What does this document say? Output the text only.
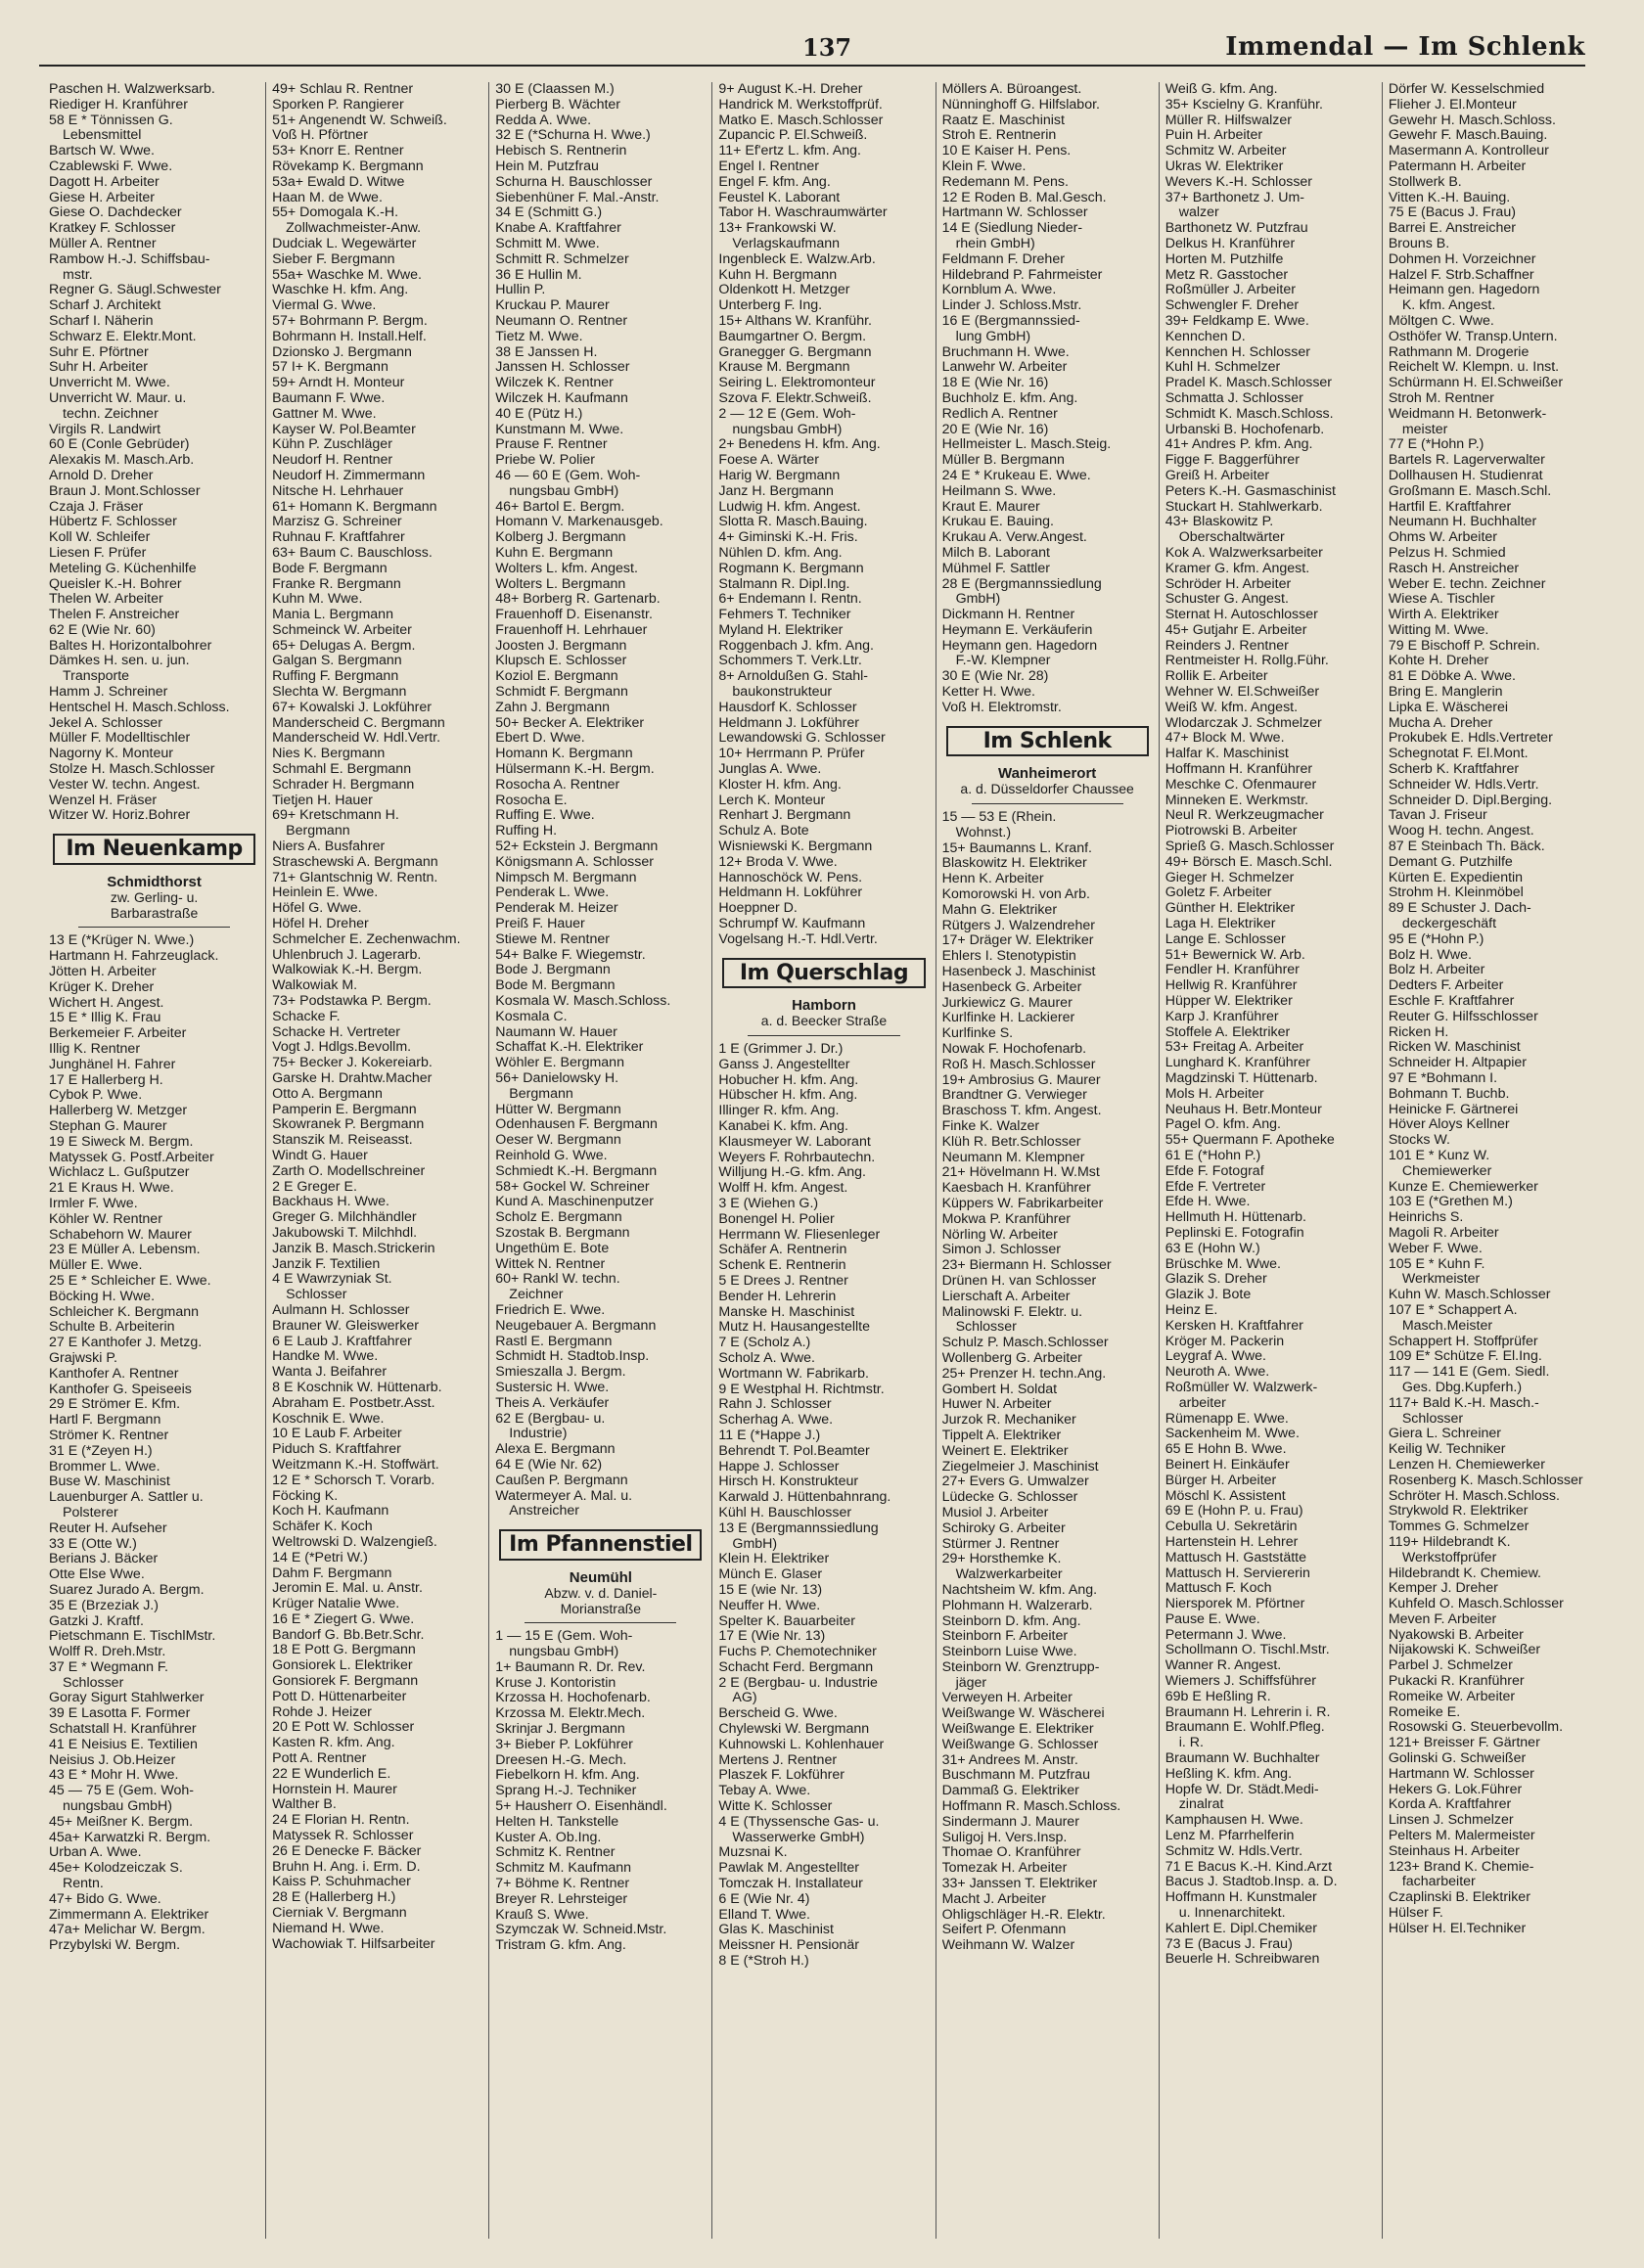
137	Immendal — Im Schlenk
Paschen H. Walzwerksarb.
Riediger H. Kranführer
58 E * Tönnissen G.
Lebensmittel
Bartsch W. Wwe.
Czablewski F. Wwe.
Dagott H. Arbeiter
Giese H. Arbeiter
Giese O. Dachdecker
Kratkey F. Schlosser
Müller A. Rentner
Rambow H.-J. Schiffsbau-
mstr.
Regner G. Säugl.Schwester
Scharf J. Architekt
Scharf I. Näherin
Schwarz E. Elektr.Mont.
Suhr E. Pförtner
Suhr H. Arbeiter
Unverricht M. Wwe.
Unverricht W. Maur. u.
techn. Zeichner
Virgils R. Landwirt
60 E (Conle Gebrüder)
Alexakis M. Masch.Arb.
Arnold D. Dreher
Braun J. Mont.Schlosser
Czaja J. Fräser
Hübertz F. Schlosser
Koll W. Schleifer
Liesen F. Prüfer
Meteling G. Küchenhilfe
Queisler K.-H. Bohrer
Thelen W. Arbeiter
Thelen F. Anstreicher
62 E (Wie Nr. 60)
Baltes H. Horizontalbohrer
Dämkes H. sen. u. jun.
Transporte
Hamm J. Schreiner
Hentschel H. Masch.Schloss.
Jekel A. Schlosser
Müller F. Modelltischler
Nagorny K. Monteur
Stolze H. Masch.Schlosser
Vester W. techn. Angest.
Wenzel H. Fräser
Witzer W. Horiz.Bohrer
Im Neuenkamp
Schmidthorst
zw. Gerling- u.
Barbarastraße
13 E (*Krüger N. Wwe.)
Hartmann H. Fahrzeuglack.
Jötten H. Arbeiter
Krüger K. Dreher
Wichert H. Angest.
15 E * Illig K. Frau
Berkemeier F. Arbeiter
Illig K. Rentner
Junghänel H. Fahrer
17 E Hallerberg H.
Cybok P. Wwe.
Hallerberg W. Metzger
Stephan G. Maurer
19 E Siweck M. Bergm.
Matyssek G. Postf.Arbeiter
Wichlacz L. Gußputzer
21 E Kraus H. Wwe.
Irmler F. Wwe.
Köhler W. Rentner
Schabehorn W. Maurer
23 E Müller A. Lebensm.
Müller E. Wwe.
25 E * Schleicher E. Wwe.
Böcking H. Wwe.
Schleicher K. Bergmann
Schulte B. Arbeiterin
27 E Kanthofer J. Metzg.
Grajwski P.
Kanthofer A. Rentner
Kanthofer G. Speiseeis
29 E Strömer E. Kfm.
Hartl F. Bergmann
Strömer K. Rentner
31 E (*Zeyen H.)
Brommer L. Wwe.
Buse W. Maschinist
Lauenburger A. Sattler u.
Polsterer
Reuter H. Aufseher
33 E (Otte W.)
Berians J. Bäcker
Otte Else Wwe.
Suarez Jurado A. Bergm.
35 E (Brzeziak J.)
Gatzki J. Kraftf.
Pietschmann E. TischlMstr.
Wolff R. Dreh.Mstr.
37 E * Wegmann F.
Schlosser
Goray Sigurt Stahlwerker
39 E Lasotta F. Former
Schatstall H. Kranführer
41 E Neisius E. Textilien
Neisius J. Ob.Heizer
43 E * Mohr H. Wwe.
45 — 75 E (Gem. Woh-
nungsbau GmbH)
45+ Meißner K. Bergm.
45a+ Karwatzki R. Bergm.
Urban A. Wwe.
45e+ Kolodzeiczak S.
Rentn.
47+ Bido G. Wwe.
Zimmermann A. Elektriker
47a+ Melichar W. Bergm.
Przybylski W. Bergm.
49+ Schlau R. Rentner
Sporken P. Rangierer
51+ Angenendt W. Schweiß.
Voß H. Pförtner
53+ Knorr E. Rentner
Rövekamp K. Bergmann
53a+ Ewald D. Witwe
Haan M. de Wwe.
55+ Domogala K.-H.
Zollwachmeister-Anw.
Dudciak L. Wegewärter
Sieber F. Bergmann
55a+ Waschke M. Wwe.
Waschke H. kfm. Ang.
Viermal G. Wwe.
57+ Bohrmann P. Bergm.
Bohrmann H. Install.Helf.
Dzionsko J. Bergmann
57 I+ K. Bergmann
59+ Arndt H. Monteur
Baumann F. Wwe.
Gattner M. Wwe.
Kayser W. Pol.Beamter
Kühn P. Zuschläger
Neudorf H. Rentner
Neudorf H. Zimmermann
Nitsche H. Lehrhauer
61+ Homann K. Bergmann
Marzisz G. Schreiner
Ruhnau F. Kraftfahrer
63+ Baum C. Bauschloss.
Bode F. Bergmann
Franke R. Bergmann
Kuhn M. Wwe.
Mania L. Bergmann
Schmeinck W. Arbeiter
65+ Delugas A. Bergm.
Galgan S. Bergmann
Ruffing F. Bergmann
Slechta W. Bergmann
67+ Kowalski J. Lokführer
Manderscheid C. Bergmann
Manderscheid W. Hdl.Vertr.
Nies K. Bergmann
Schmahl E. Bergmann
Schrader H. Bergmann
Tietjen H. Hauer
69+ Kretschmann H.
Bergmann
Niers A. Busfahrer
Straschewski A. Bergmann
71+ Glantschnig W. Rentn.
Heinlein E. Wwe.
Höfel G. Wwe.
Höfel H. Dreher
Schmelcher E. Zechenwachm.
Uhlenbruch J. Lagerarb.
Walkowiak K.-H. Bergm.
Walkowiak M.
73+ Podstawka P. Bergm.
Schacke F.
Schacke H. Vertreter
Vogt J. Hdlgs.Bevollm.
75+ Becker J. Kokereiarb.
Garske H. Drahtw.Macher
Otto A. Bergmann
Pamperin E. Bergmann
Skowranek P. Bergmann
Stanszik M. Reiseasst.
Windt G. Hauer
Zarth O. Modellschreiner
2 E Greger E.
Backhaus H. Wwe.
Greger G. Milchhändler
Jakubowski T. Milchhdl.
Janzik B. Masch.Strickerin
Janzik F. Textilien
4 E Wawrzyniak St.
Schlosser
Aulmann H. Schlosser
Brauner W. Gleiswerker
6 E Laub J. Kraftfahrer
Handke M. Wwe.
Wanta J. Beifahrer
8 E Koschnik W. Hüttenarb.
Abraham E. Postbetr.Asst.
Koschnik E. Wwe.
10 E Laub F. Arbeiter
Piduch S. Kraftfahrer
Weitzmann K.-H. Stoffwärt.
12 E * Schorsch T. Vorarb.
Föcking K.
Koch H. Kaufmann
Schäfer K. Koch
Weltrowski D. Walzengieß.
14 E (*Petri W.)
Dahm F. Bergmann
Jeromin E. Mal. u. Anstr.
Krüger Natalie Wwe.
16 E * Ziegert G. Wwe.
Bandorf G. Bb.Betr.Schr.
18 E Pott G. Bergmann
Gonsiorek L. Elektriker
Gonsiorek F. Bergmann
Pott D. Hüttenarbeiter
Rohde J. Heizer
20 E Pott W. Schlosser
Kasten R. kfm. Ang.
Pott A. Rentner
22 E Wunderlich E.
Hornstein H. Maurer
Walther B.
24 E Florian H. Rentn.
Matyssek R. Schlosser
26 E Denecke F. Bäcker
Bruhn H. Ang. i. Erm. D.
Kaiss P. Schuhmacher
28 E (Hallerberg H.)
Cierniak V. Bergmann
Niemand H. Wwe.
Wachowiak T. Hilfsarbeiter
30 E (Claassen M.)
Pierberg B. Wächter
Redda A. Wwe.
32 E (*Schurna H. Wwe.)
Hebisch S. Rentnerin
Hein M. Putzfrau
Schurna H. Bauschlosser
Siebenhüner F. Mal.-Anstr.
34 E (Schmitt G.)
Knabe A. Kraftfahrer
Schmitt M. Wwe.
Schmitt R. Schmelzer
36 E Hullin M.
Hullin P.
Kruckau P. Maurer
Neumann O. Rentner
Tietz M. Wwe.
38 E Janssen H.
Janssen H. Schlosser
Wilczek K. Rentner
Wilczek H. Kaufmann
40 E (Pütz H.)
Kunstmann M. Wwe.
Prause F. Rentner
Priebe W. Polier
46 — 60 E (Gem. Woh-
nungsbau GmbH)
46+ Bartol E. Bergm.
Homann V. Markenausgeb.
Kolberg J. Bergmann
Kuhn E. Bergmann
Wolters L. kfm. Angest.
Wolters L. Bergmann
48+ Borberg R. Gartenarb.
Frauenhoff D. Eisenanstr.
Frauenhoff H. Lehrhauer
Joosten J. Bergmann
Klupsch E. Schlosser
Koziol E. Bergmann
Schmidt F. Bergmann
Zahn J. Bergmann
50+ Becker A. Elektriker
Ebert D. Wwe.
Homann K. Bergmann
Hülsermann K.-H. Bergm.
Rosocha A. Rentner
Rosocha E.
Ruffing E. Wwe.
Ruffing H.
52+ Eckstein J. Bergmann
Königsmann A. Schlosser
Nimpsch M. Bergmann
Penderak L. Wwe.
Penderak M. Heizer
Preiß F. Hauer
Stiewe M. Rentner
54+ Balke F. Wiegemstr.
Bode J. Bergmann
Bode M. Bergmann
Kosmala W. Masch.Schloss.
Kosmala C.
Naumann W. Hauer
Schaffat K.-H. Elektriker
Wöhler E. Bergmann
56+ Danielowsky H.
Bergmann
Hütter W. Bergmann
Odenhausen F. Bergmann
Oeser W. Bergmann
Reinhold G. Wwe.
Schmiedt K.-H. Bergmann
58+ Gockel W. Schreiner
Kund A. Maschinenputzer
Scholz E. Bergmann
Szostak B. Bergmann
Ungethüm E. Bote
Wittek N. Rentner
60+ Rankl W. techn.
Zeichner
Friedrich E. Wwe.
Neugebauer A. Bergmann
Rastl E. Bergmann
Schmidt H. Stadtob.Insp.
Smieszalla J. Bergm.
Sustersic H. Wwe.
Theis A. Verkäufer
62 E (Bergbau- u.
Industrie)
Alexa E. Bergmann
64 E (Wie Nr. 62)
Caußen P. Bergmann
Watermeyer A. Mal. u.
Anstreicher
Im Pfannenstiel
Neumühl
Abzw. v. d. Daniel-
Morianstraße
1 — 15 E (Gem. Woh-
nungsbau GmbH)
1+ Baumann R. Dr. Rev.
Kruse J. Kontoristin
Krzossa H. Hochofenarb.
Krzossa M. Elektr.Mech.
Skrinjar J. Bergmann
3+ Bieber P. Lokführer
Dreesen H.-G. Mech.
Fiebelkorn H. kfm. Ang.
Sprang H.-J. Techniker
5+ Hausherr O. Eisenhändl.
Helten H. Tankstelle
Kuster A. Ob.Ing.
Schmitz K. Rentner
Schmitz M. Kaufmann
7+ Böhme K. Rentner
Breyer R. Lehrsteiger
Krauß S. Wwe.
Szymczak W. Schneid.Mstr.
Tristram G. kfm. Ang.
9+ August K.-H. Dreher
Handrick M. Werkstoffprüf.
Matko E. Masch.Schlosser
Zupancic P. El.Schweiß.
11+ Ef'ertz L. kfm. Ang.
Engel I. Rentner
Engel F. kfm. Ang.
Feustel K. Laborant
Tabor H. Waschraumwärter
13+ Frankowski W.
Verlagskaufmann
Ingenbleck E. Walzw.Arb.
Kuhn H. Bergmann
Oldenkott H. Metzger
Unterberg F. Ing.
15+ Althans W. Kranführ.
Baumgartner O. Bergm.
Granegger G. Bergmann
Krause M. Bergmann
Seiring L. Elektromonteur
Szova F. Elektr.Schweiß.
2 — 12 E (Gem. Woh-
nungsbau GmbH)
2+ Benedens H. kfm. Ang.
Foese A. Wärter
Harig W. Bergmann
Janz H. Bergmann
Ludwig H. kfm. Angest.
Slotta R. Masch.Bauing.
4+ Giminski K.-H. Fris.
Nühlen D. kfm. Ang.
Rogmann K. Bergmann
Stalmann R. Dipl.Ing.
6+ Endemann I. Rentn.
Fehmers T. Techniker
Myland H. Elektriker
Roggenbach J. kfm. Ang.
Schommers T. Verk.Ltr.
8+ Arnoldußen G. Stahl-
baukonstrukteur
Hausdorf K. Schlosser
Heldmann J. Lokführer
Lewandowski G. Schlosser
10+ Herrmann P. Prüfer
Junglas A. Wwe.
Kloster H. kfm. Ang.
Lerch K. Monteur
Renhart J. Bergmann
Schulz A. Bote
Wisniewski K. Bergmann
12+ Broda V. Wwe.
Hannoschöck W. Pens.
Heldmann H. Lokführer
Hoeppner D.
Schrumpf W. Kaufmann
Vogelsang H.-T. Hdl.Vertr.
Im Querschlag
Hamborn
a. d. Beecker Straße
1 E (Grimmer J. Dr.)
Ganss J. Angestellter
Hobucher H. kfm. Ang.
Hübscher H. kfm. Ang.
Illinger R. kfm. Ang.
Kanabei K. kfm. Ang.
Klausmeyer W. Laborant
Weyers F. Rohrbautechn.
Willjung H.-G. kfm. Ang.
Wolff H. kfm. Angest.
3 E (Wiehen G.)
Bonengel H. Polier
Herrmann W. Fliesenleger
Schäfer A. Rentnerin
Schenk E. Rentnerin
5 E Drees J. Rentner
Bender H. Lehrerin
Manske H. Maschinist
Mutz H. Hausangestellte
7 E (Scholz A.)
Scholz A. Wwe.
Wortmann W. Fabrikarb.
9 E Westphal H. Richtmstr.
Rahn J. Schlosser
Scherhag A. Wwe.
11 E (*Happe J.)
Behrendt T. Pol.Beamter
Happe J. Schlosser
Hirsch H. Konstrukteur
Karwald J. Hüttenbahnrang.
Kühl H. Bauschlosser
13 E (Bergmannssiedlung
GmbH)
Klein H. Elektriker
Münch E. Glaser
15 E (wie Nr. 13)
Neuffer H. Wwe.
Spelter K. Bauarbeiter
17 E (Wie Nr. 13)
Fuchs P. Chemotechniker
Schacht Ferd. Bergmann
2 E (Bergbau- u. Industrie
AG)
Berscheid G. Wwe.
Chylewski W. Bergmann
Kuhnowski L. Kohlenhauer
Mertens J. Rentner
Plaszek F. Lokführer
Tebay A. Wwe.
Witte K. Schlosser
4 E (Thyssensche Gas- u.
Wasserwerke GmbH)
Muzsnai K.
Pawlak M. Angestellter
Tomczak H. Installateur
6 E (Wie Nr. 4)
Elland T. Wwe.
Glas K. Maschinist
Meissner H. Pensionär
8 E (*Stroh H.)
Möllers A. Büroangest.
Nünninghoff G. Hilfslabor.
Raatz E. Maschinist
Stroh E. Rentnerin
10 E Kaiser H. Pens.
Klein F. Wwe.
Redemann M. Pens.
12 E Roden B. Mal.Gesch.
Hartmann W. Schlosser
14 E (Siedlung Nieder-
rhein GmbH)
Feldmann F. Dreher
Hildebrand P. Fahrmeister
Kornblum A. Wwe.
Linder J. Schloss.Mstr.
16 E (Bergmannssied-
lung GmbH)
Bruchmann H. Wwe.
Lanwehr W. Arbeiter
18 E (Wie Nr. 16)
Buchholz E. kfm. Ang.
Redlich A. Rentner
20 E (Wie Nr. 16)
Hellmeister L. Masch.Steig.
Müller B. Bergmann
24 E * Krukeau E. Wwe.
Heilmann S. Wwe.
Kraut E. Maurer
Krukau E. Bauing.
Krukau A. Verw.Angest.
Milch B. Laborant
Mühmel F. Sattler
28 E (Bergmannssiedlung
GmbH)
Dickmann H. Rentner
Heymann E. Verkäuferin
Heymann gen. Hagedorn
F.-W. Klempner
30 E (Wie Nr. 28)
Ketter H. Wwe.
Voß H. Elektromstr.
Im Schlenk
Wanheimerort
a. d. Düsseldorfer Chaussee
15 — 53 E (Rhein.
Wohnst.)
15+ Baumanns L. Kranf.
Blaskowitz H. Elektriker
Henn K. Arbeiter
Komorowski H. von Arb.
Mahn G. Elektriker
Rütgers J. Walzendreher
17+ Dräger W. Elektriker
Ehlers I. Stenotypistin
Hasenbeck J. Maschinist
Hasenbeck G. Arbeiter
Jurkiewicz G. Maurer
Kurlfinke H. Lackierer
Kurlfinke S.
Nowak F. Hochofenarb.
Roß H. Masch.Schlosser
19+ Ambrosius G. Maurer
Brandtner G. Verwieger
Braschoss T. kfm. Angest.
Finke K. Walzer
Klüh R. Betr.Schlosser
Neumann M. Klempner
21+ Hövelmann H. W.Mst
Kaesbach H. Kranführer
Küppers W. Fabrikarbeiter
Mokwa P. Kranführer
Nörling W. Arbeiter
Simon J. Schlosser
23+ Biermann H. Schlosser
Drünen H. van Schlosser
Lierschaft A. Arbeiter
Malinowski F. Elektr. u.
Schlosser
Schulz P. Masch.Schlosser
Wollenberg G. Arbeiter
25+ Prenzer H. techn.Ang.
Gombert H. Soldat
Huwer N. Arbeiter
Jurzok R. Mechaniker
Tippelt A. Elektriker
Weinert E. Elektriker
Ziegelmeier J. Maschinist
27+ Evers G. Umwalzer
Lüdecke G. Schlosser
Musiol J. Arbeiter
Schiroky G. Arbeiter
Stürmer J. Rentner
29+ Horsthemke K.
Walzwerkarbeiter
Nachtsheim W. kfm. Ang.
Plohmann H. Walzerarb.
Steinborn D. kfm. Ang.
Steinborn F. Arbeiter
Steinborn Luise Wwe.
Steinborn W. Grenztrupp-
jäger
Verweyen H. Arbeiter
Weißwange W. Wäscherei
Weißwange E. Elektriker
Weißwange G. Schlosser
31+ Andrees M. Anstr.
Buschmann M. Putzfrau
Dammaß G. Elektriker
Hoffmann R. Masch.Schloss.
Sindermann J. Maurer
Suligoj H. Vers.Insp.
Thomae O. Kranführer
Tomezak H. Arbeiter
33+ Janssen T. Elektriker
Macht J. Arbeiter
Ohligschläger H.-R. Elektr.
Seifert P. Ofenmann
Weihmann W. Walzer
Weiß G. kfm. Ang.
35+ Kscielny G. Kranführ.
Müller R. Hilfswalzer
Puin H. Arbeiter
Schmitz W. Arbeiter
Ukras W. Elektriker
Wevers K.-H. Schlosser
37+ Barthonetz J. Um-
walzer
Barthonetz W. Putzfrau
Delkus H. Kranführer
Horten M. Putzhilfe
Metz R. Gasstocher
Roßmüller J. Arbeiter
Schwengler F. Dreher
39+ Feldkamp E. Wwe.
Kennchen D.
Kennchen H. Schlosser
Kuhl H. Schmelzer
Pradel K. Masch.Schlosser
Schmatta J. Schlosser
Schmidt K. Masch.Schloss.
Urbanski B. Hochofenarb.
41+ Andres P. kfm. Ang.
Figge F. Baggerführer
Greiß H. Arbeiter
Peters K.-H. Gasmaschinist
Stuckart H. Stahlwerkarb.
43+ Blaskowitz P.
Oberschaltwärter
Kok A. Walzwerksarbeiter
Kramer G. kfm. Angest.
Schröder H. Arbeiter
Schuster G. Angest.
Sternat H. Autoschlosser
45+ Gutjahr E. Arbeiter
Reinders J. Rentner
Rentmeister H. Rollg.Führ.
Rollik E. Arbeiter
Wehner W. El.Schweißer
Weiß W. kfm. Angest.
Wlodarczak J. Schmelzer
47+ Block M. Wwe.
Halfar K. Maschinist
Hoffmann H. Kranführer
Meschke C. Ofenmaurer
Minneken E. Werkmstr.
Neul R. Werkzeugmacher
Piotrowski B. Arbeiter
Sprieß G. Masch.Schlosser
49+ Börsch E. Masch.Schl.
Gieger H. Schmelzer
Goletz F. Arbeiter
Günther H. Elektriker
Laga H. Elektriker
Lange E. Schlosser
51+ Bewernick W. Arb.
Fendler H. Kranführer
Hellwig R. Kranführer
Hüpper W. Elektriker
Karp J. Kranführer
Stoffele A. Elektriker
53+ Freitag A. Arbeiter
Lunghard K. Kranführer
Magdzinski T. Hüttenarb.
Mols H. Arbeiter
Neuhaus H. Betr.Monteur
Pagel O. kfm. Ang.
55+ Quermann F. Apotheke
61 E (*Hohn P.)
Efde F. Fotograf
Efde F. Vertreter
Efde H. Wwe.
Hellmuth H. Hüttenarb.
Peplinski E. Fotografin
63 E (Hohn W.)
Brüschke M. Wwe.
Glazik S. Dreher
Glazik J. Bote
Heinz E.
Kersken H. Kraftfahrer
Kröger M. Packerin
Leygraf A. Wwe.
Neuroth A. Wwe.
Roßmüller W. Walzwerk-
arbeiter
Rümenapp E. Wwe.
Sackenheim M. Wwe.
65 E Hohn B. Wwe.
Beinert H. Einkäufer
Bürger H. Arbeiter
Möschl K. Assistent
69 E (Hohn P. u. Frau)
Cebulla U. Sekretärin
Hartenstein H. Lehrer
Mattusch H. Gaststätte
Mattusch H. Serviererin
Mattusch F. Koch
Niersporek M. Pförtner
Pause E. Wwe.
Petermann J. Wwe.
Schollmann O. Tischl.Mstr.
Wanner R. Angest.
Wiemers J. Schiffsführer
69b E Heßling R.
Braumann H. Lehrerin i. R.
Braumann E. Wohlf.Pfleg.
i. R.
Braumann W. Buchhalter
Heßling K. kfm. Ang.
Hopfe W. Dr. Städt.Medi-
zinalrat
Kamphausen H. Wwe.
Lenz M. Pfarrhelferin
Schmitz W. Hdls.Vertr.
71 E Bacus K.-H. Kind.Arzt
Bacus J. Stadtob.Insp. a. D.
Hoffmann H. Kunstmaler
u. Innenarchitekt.
Kahlert E. Dipl.Chemiker
73 E (Bacus J. Frau)
Beuerle H. Schreibwaren
Dörfer W. Kesselschmied
Flieher J. El.Monteur
Gewehr H. Masch.Schloss.
Gewehr F. Masch.Bauing.
Masermann A. Kontrolleur
Patermann H. Arbeiter
Stollwerk B.
Vitten K.-H. Bauing.
75 E (Bacus J. Frau)
Barrei E. Anstreicher
Brouns B.
Dohmen H. Vorzeichner
Halzel F. Strb.Schaffner
Heimann gen. Hagedorn
K. kfm. Angest.
Möltgen C. Wwe.
Osthöfer W. Transp.Untern.
Rathmann M. Drogerie
Reichelt W. Klempn. u. Inst.
Schürmann H. El.Schweißer
Stroh M. Rentner
Weidmann H. Betonwerk-
meister
77 E (*Hohn P.)
Bartels R. Lagerverwalter
Dollhausen H. Studienrat
Großmann E. Masch.Schl.
Hartfil E. Kraftfahrer
Neumann H. Buchhalter
Ohms W. Arbeiter
Pelzus H. Schmied
Rasch H. Anstreicher
Weber E. techn. Zeichner
Wiese A. Tischler
Wirth A. Elektriker
Witting M. Wwe.
79 E Bischoff P. Schrein.
Kohte H. Dreher
81 E Döbke A. Wwe.
Bring E. Manglerin
Lipka E. Wäscherei
Mucha A. Dreher
Prokubek E. Hdls.Vertreter
Schegnotat F. El.Mont.
Scherb K. Kraftfahrer
Schneider W. Hdls.Vertr.
Schneider D. Dipl.Berging.
Tavan J. Friseur
Woog H. techn. Angest.
87 E Steinbach Th. Bäck.
Demant G. Putzhilfe
Kürten E. Expedientin
Strohm H. Kleinmöbel
89 E Schuster J. Dach-
deckergeschäft
95 E (*Hohn P.)
Bolz H. Wwe.
Bolz H. Arbeiter
Dedters F. Arbeiter
Eschle F. Kraftfahrer
Reuter G. Hilfsschlosser
Ricken H.
Ricken W. Maschinist
Schneider H. Altpapier
97 E *Bohmann I.
Bohmann T. Buchb.
Heinicke F. Gärtnerei
Höver Aloys Kellner
Stocks W.
101 E * Kunz W.
Chemiewerker
Kunze E. Chemiewerker
103 E (*Grethen M.)
Heinrichs S.
Magoli R. Arbeiter
Weber F. Wwe.
105 E * Kuhn F.
Werkmeister
Kuhn W. Masch.Schlosser
107 E * Schappert A.
Masch.Meister
Schappert H. Stoffprüfer
109 E* Schütze F. El.Ing.
117 — 141 E (Gem. Siedl.
Ges. Dbg.Kupferh.)
117+ Bald K.-H. Masch.-
Schlosser
Giera L. Schreiner
Keilig W. Techniker
Lenzen H. Chemiewerker
Rosenberg K. Masch.Schlosser
Schröter H. Masch.Schloss.
Strykwold R. Elektriker
Tommes G. Schmelzer
119+ Hildebrandt K.
Werkstoffprüfer
Hildebrandt K. Chemiew.
Kemper J. Dreher
Kuhfeld O. Masch.Schlosser
Meven F. Arbeiter
Nyakowski B. Arbeiter
Nijakowski K. Schweißer
Parbel J. Schmelzer
Pukacki R. Kranführer
Romeike W. Arbeiter
Romeike E.
Rosowski G. Steuerbevollm.
121+ Breisser F. Gärtner
Golinski G. Schweißer
Hartmann W. Schlosser
Hekers G. Lok.Führer
Korda A. Kraftfahrer
Linsen J. Schmelzer
Pelters M. Malermeister
Steinhaus H. Arbeiter
123+ Brand K. Chemie-
facharbeiter
Czaplinski B. Elektriker
Hülser F.
Hülser H. El.Techniker
